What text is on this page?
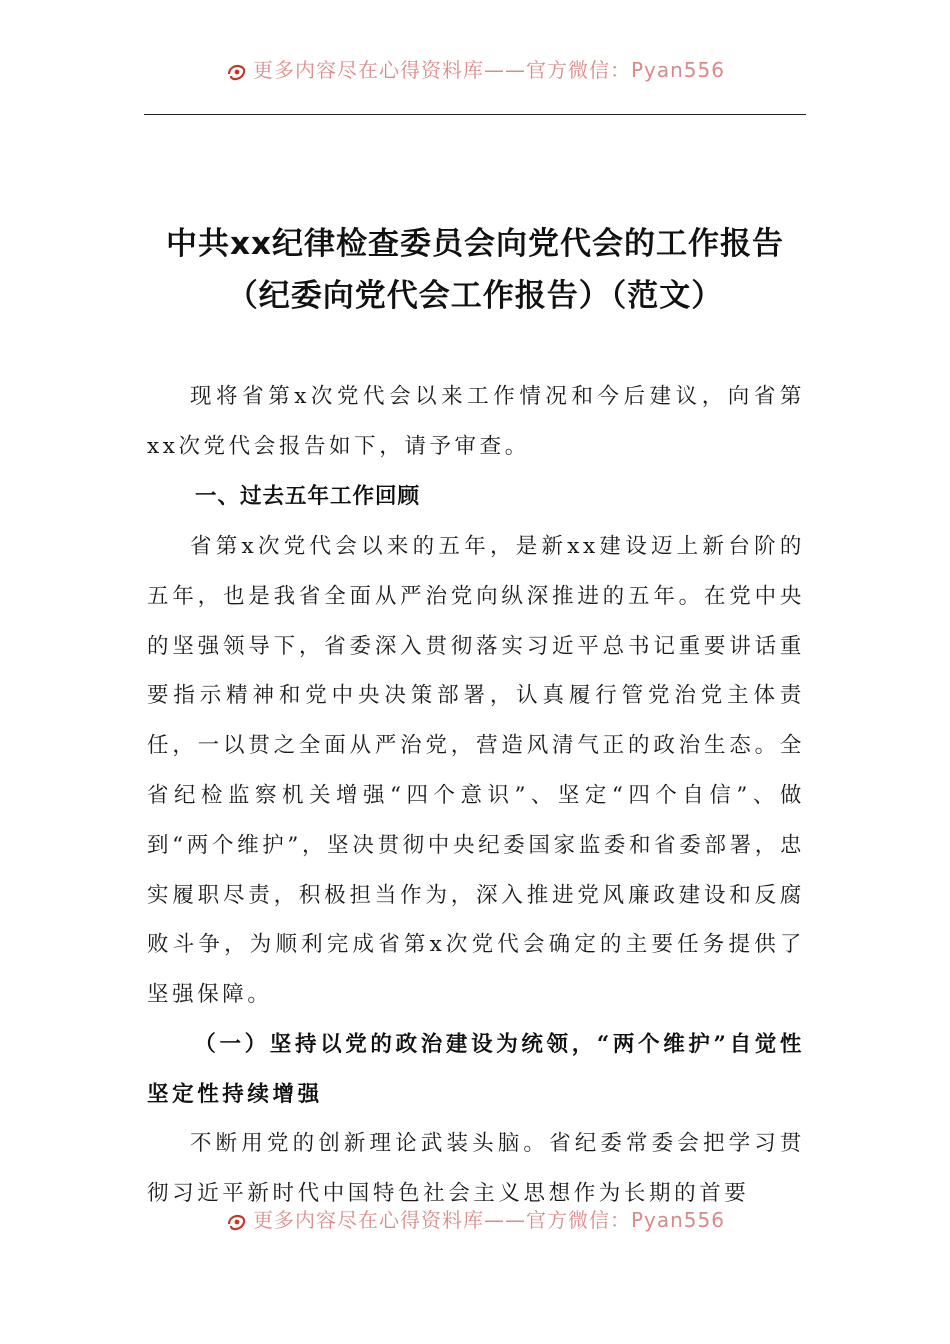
更多内容尽在心得资料库——官方微信：Pyan556
中共xx纪律检查委员会向党代会的工作报告（纪委向党代会工作报告）（范文）

现将省第x次党代会以来工作情况和今后建议，向省第xx次党代会报告如下，请予审查。

一、过去五年工作回顾

省第x次党代会以来的五年，是新xx建设迈上新台阶的五年，也是我省全面从严治党向纵深推进的五年。在党中央的坚强领导下，省委深入贯彻落实习近平总书记重要讲话重要指示精神和党中央决策部署，认真履行管党治党主体责任，一以贯之全面从严治党，营造风清气正的政治生态。全省纪检监察机关增强“四个意识”、坚定“四个自信”、做到“两个维护”，坚决贯彻中央纪委国家监委和省委部署，忠实履职尽责，积极担当作为，深入推进党风廉政建设和反腐败斗争，为顺利完成省第x次党代会确定的主要任务提供了坚强保障。

（一）坚持以党的政治建设为统领，“两个维护”自觉性坚定性持续增强

不断用党的创新理论武装头脑。省纪委常委会把学习贯彻习近平新时代中国特色社会主义思想作为长期的首要

更多内容尽在心得资料库——官方微信：Pyan556
